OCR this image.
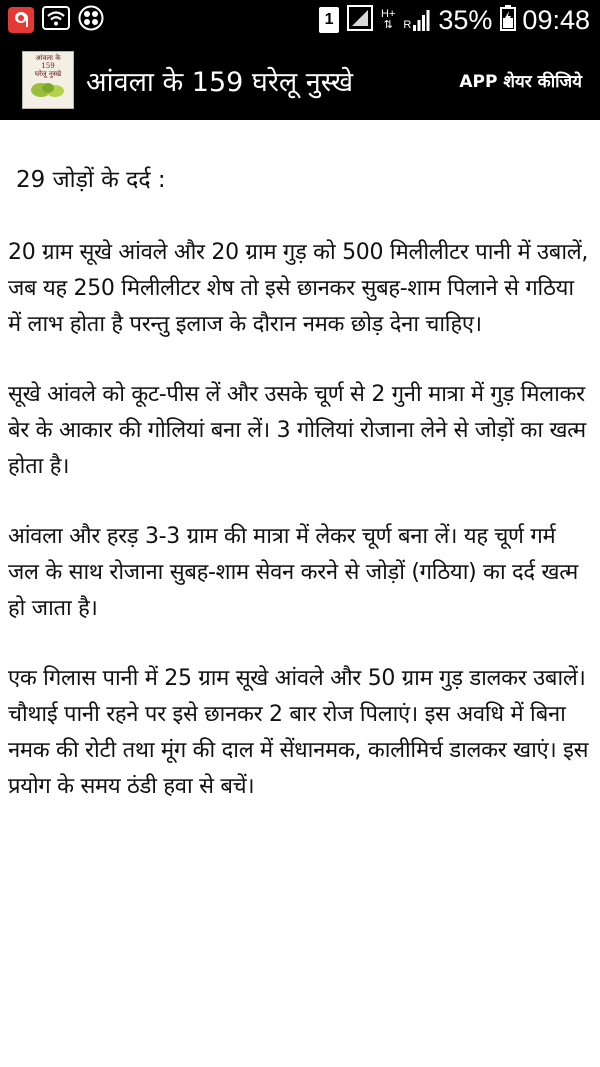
1	H+
⇅ R 35% 09:48
आंवला के
159
घरेलू नुस्खे आंवला के 159 घरेलू नुस्खे	APP शेयर कीजिये
29 जोड़ों के दर्द :

20 ग्राम सूखे आंवले और 20 ग्राम गुड़ को 500 मिलीलीटर पानी में उबालें, जब यह 250 मिलीलीटर शेष तो इसे छानकर सुबह-शाम पिलाने से गठिया में लाभ होता है परन्तु इलाज के दौरान नमक छोड़ देना चाहिए।

सूखे आंवले को कूट-पीस लें और उसके चूर्ण से 2 गुनी मात्रा में गुड़ मिलाकर बेर के आकार की गोलियां बना लें। 3 गोलियां रोजाना लेने से जोड़ों का खत्म होता है।

आंवला और हरड़ 3-3 ग्राम की मात्रा में लेकर चूर्ण बना लें। यह चूर्ण गर्म जल के साथ रोजाना सुबह-शाम सेवन करने से जोड़ों (गठिया) का दर्द खत्म हो जाता है।

एक गिलास पानी में 25 ग्राम सूखे आंवले और 50 ग्राम गुड़ डालकर उबालें। चौथाई पानी रहने पर इसे छानकर 2 बार रोज पिलाएं। इस अवधि में बिना नमक की रोटी तथा मूंग की दाल में सेंधानमक, कालीमिर्च डालकर खाएं। इस प्रयोग के समय ठंडी हवा से बचें।
